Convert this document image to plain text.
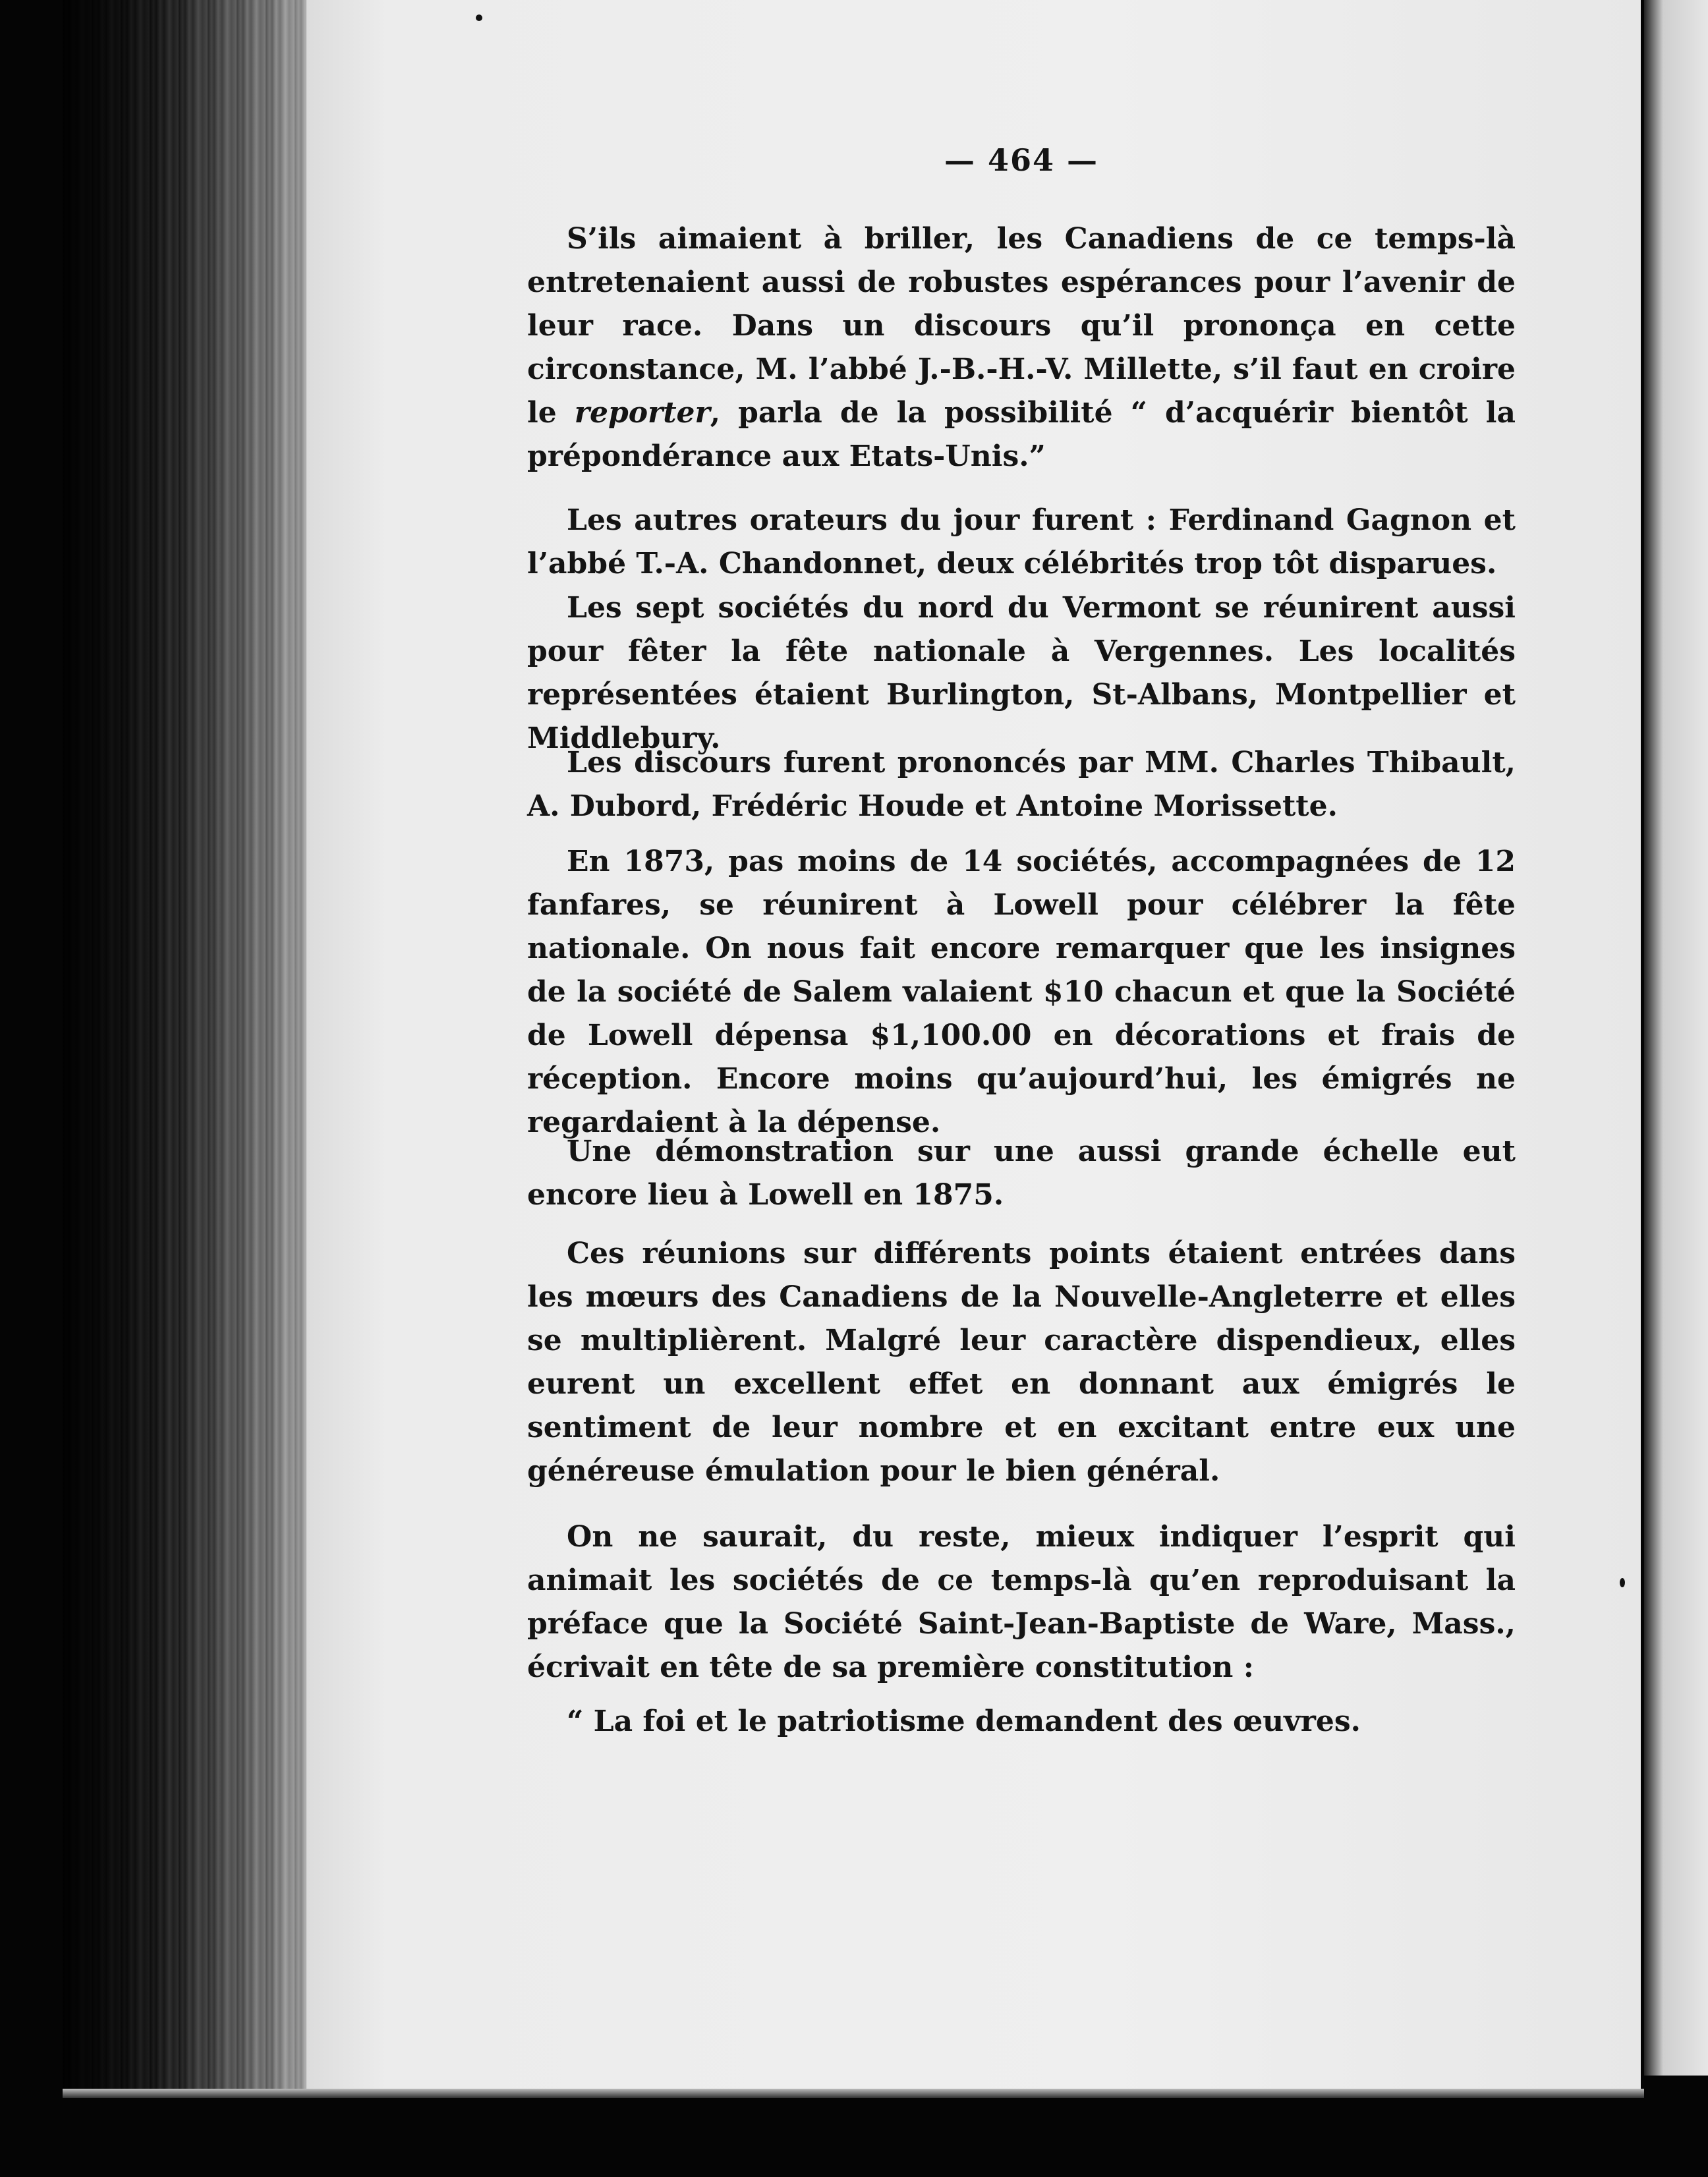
— 464 —

S’ils aimaient à briller, les Canadiens de ce temps-là entretenaient aussi de robustes espérances pour l’avenir de leur race. Dans un discours qu’il prononça en cette circonstance, M. l’abbé J.-B.-H.-V. Millette, s’il faut en croire le reporter, parla de la possibilité “ d’acquérir bientôt la prépondérance aux Etats-Unis.”

Les autres orateurs du jour furent : Ferdinand Gagnon et l’abbé T.-A. Chandonnet, deux célébrités trop tôt disparues.

Les sept sociétés du nord du Vermont se réunirent aussi pour fêter la fête nationale à Vergennes. Les localités représentées étaient Burlington, St-Albans, Montpellier et Middlebury.

Les discours furent prononcés par MM. Charles Thibault, A. Dubord, Frédéric Houde et Antoine Morissette.

En 1873, pas moins de 14 sociétés, accompagnées de 12 fanfares, se réunirent à Lowell pour célébrer la fête nationale. On nous fait encore remarquer que les insignes de la société de Salem valaient $10 chacun et que la Société de Lowell dépensa $1,100.00 en décorations et frais de réception. Encore moins qu’aujourd’hui, les émigrés ne regardaient à la dépense.

Une démonstration sur une aussi grande échelle eut encore lieu à Lowell en 1875.

Ces réunions sur différents points étaient entrées dans les mœurs des Canadiens de la Nouvelle-Angleterre et elles se multiplièrent. Malgré leur caractère dispendieux, elles eurent un excellent effet en donnant aux émigrés le sentiment de leur nombre et en excitant entre eux une généreuse émulation pour le bien général.

On ne saurait, du reste, mieux indiquer l’esprit qui animait les sociétés de ce temps-là qu’en reproduisant la préface que la Société Saint-Jean-Baptiste de Ware, Mass., écrivait en tête de sa première constitution :

“ La foi et le patriotisme demandent des œuvres.
